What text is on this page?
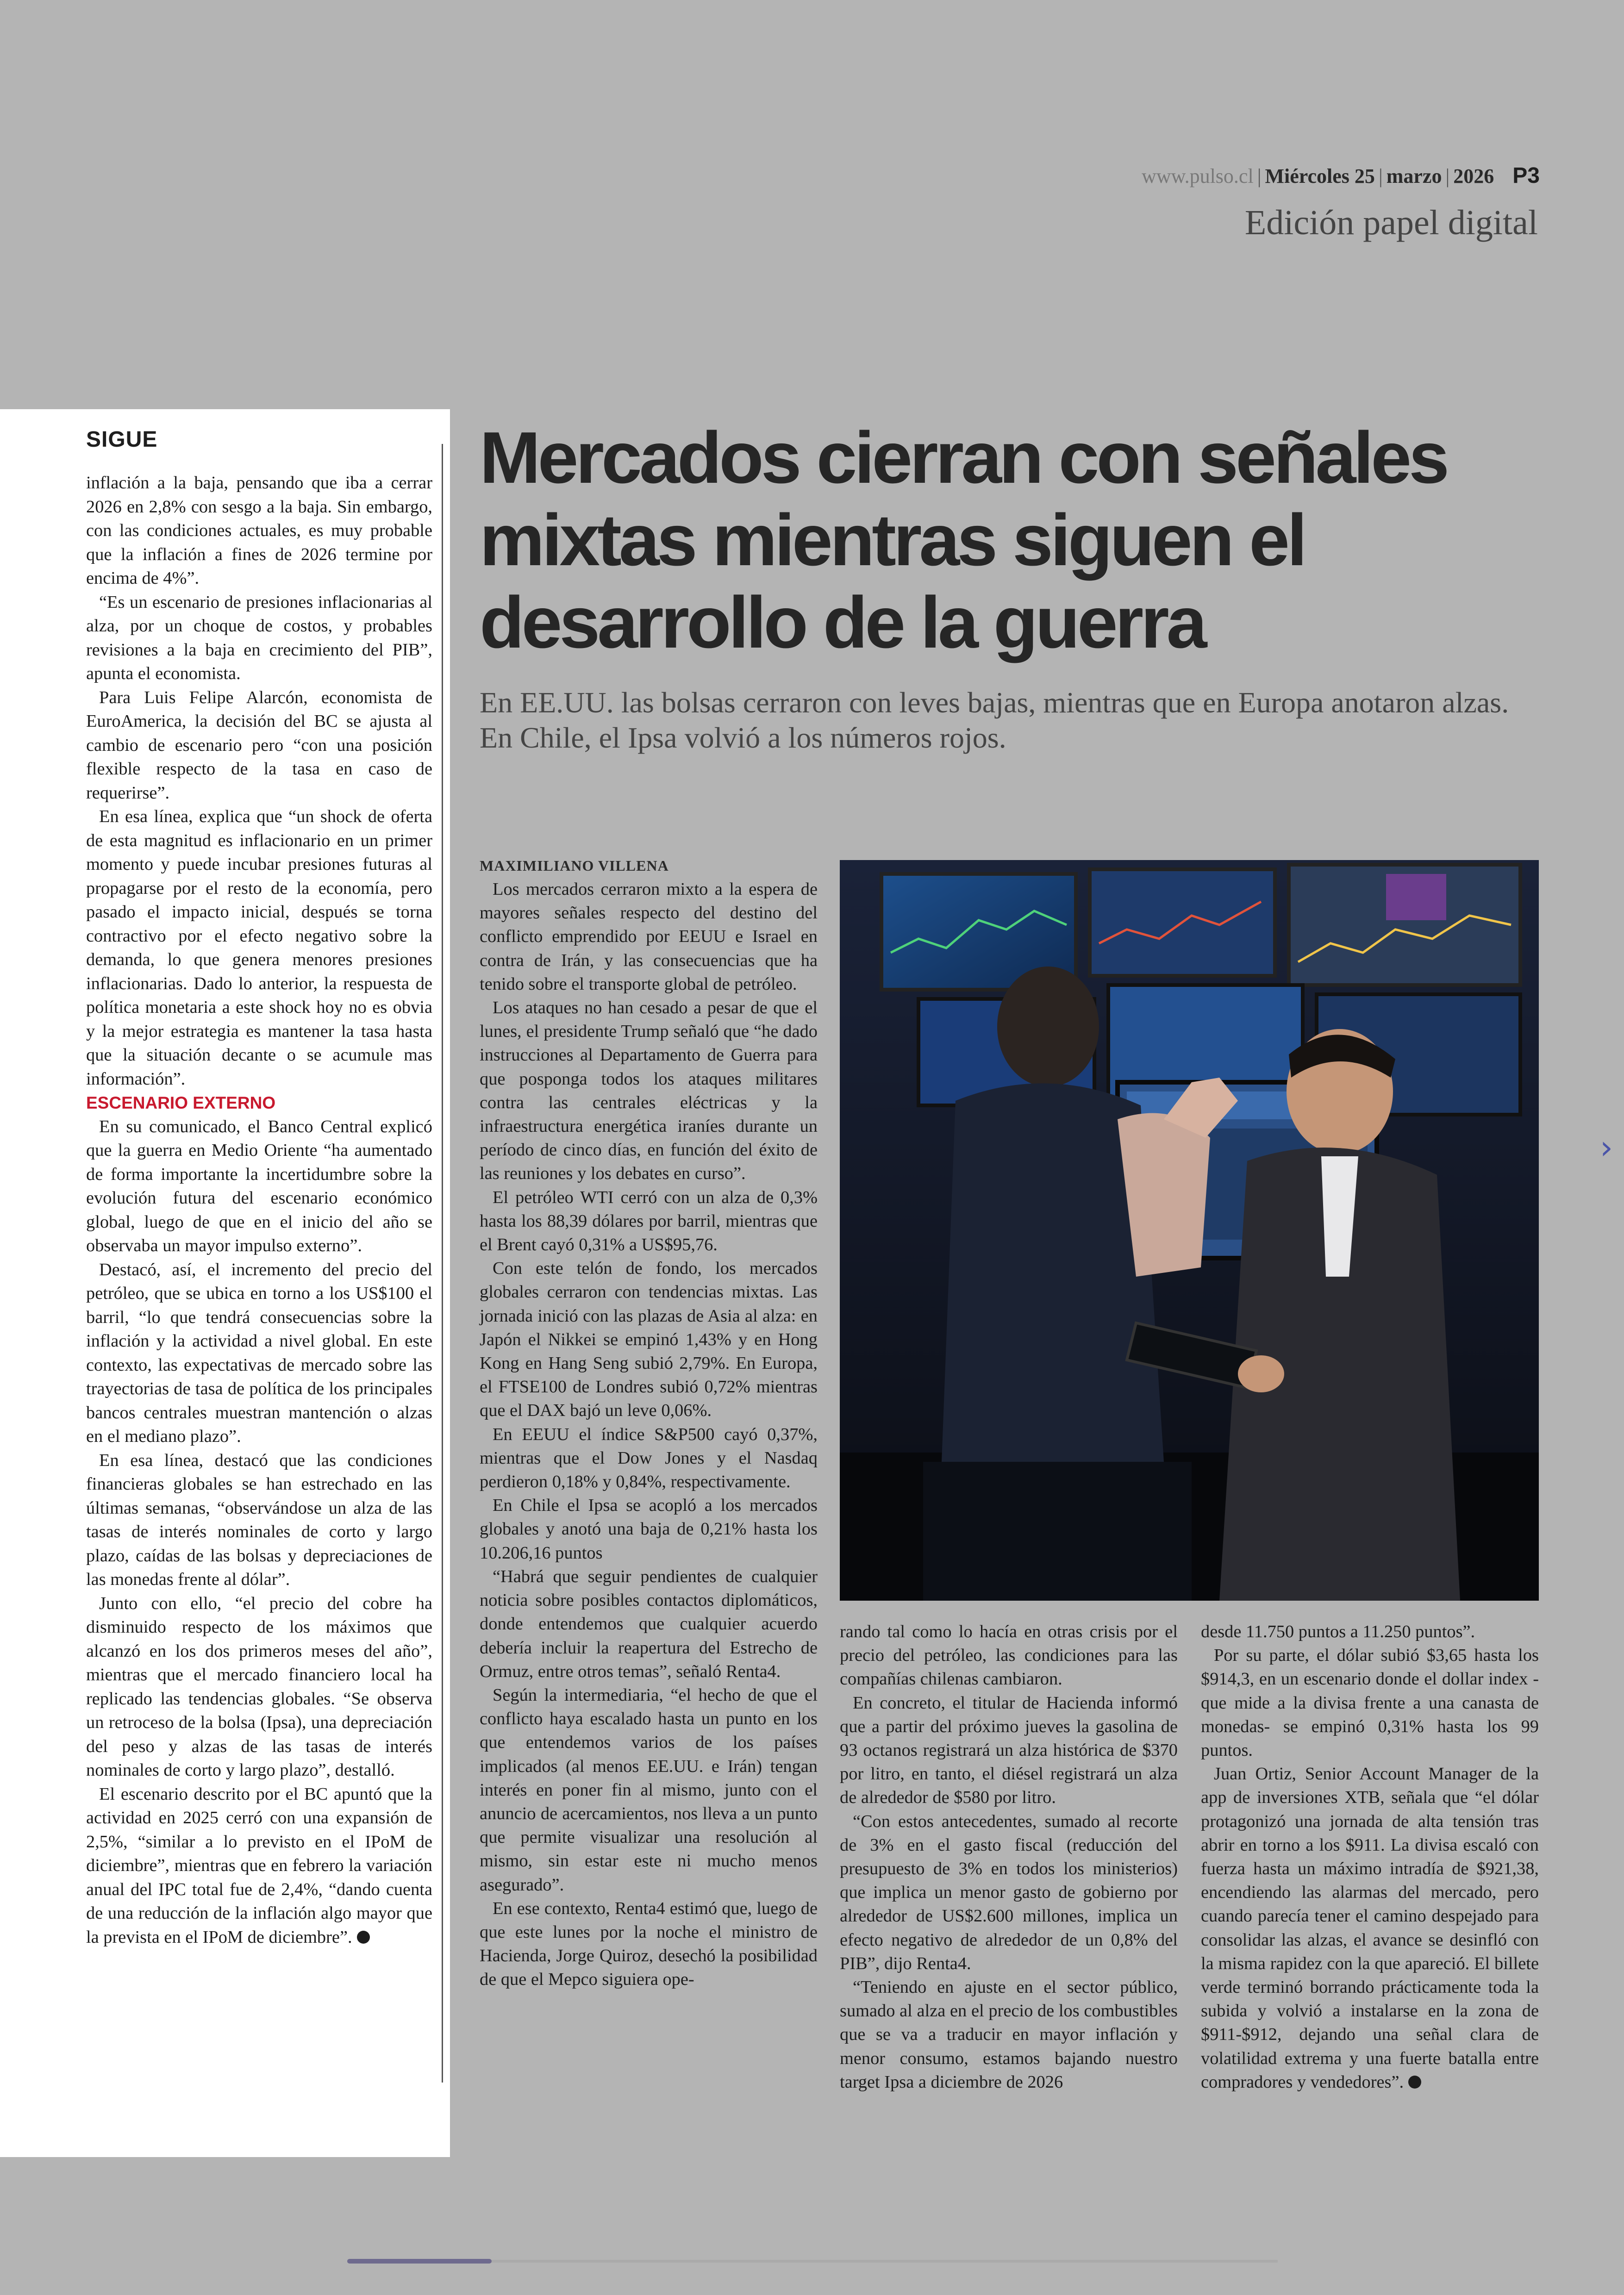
www.pulso.cl | Miércoles 25 | marzo | 2026 P3
Edición papel digital
›
SIGUE

inflación a la baja, pensando que iba a cerrar 2026 en 2,8% con sesgo a la baja. Sin embargo, con las condiciones actuales, es muy probable que la inflación a fines de 2026 termine por encima de 4%”.

“Es un escenario de presiones inflacionarias al alza, por un choque de costos, y probables revisiones a la baja en crecimiento del PIB”, apunta el economista.

Para Luis Felipe Alarcón, economista de EuroAmerica, la decisión del BC se ajusta al cambio de escenario pero “con una posición flexible respecto de la tasa en caso de requerirse”.

En esa línea, explica que “un shock de oferta de esta magnitud es inflacionario en un primer momento y puede incubar presiones futuras al propagarse por el resto de la economía, pero pasado el impacto inicial, después se torna contractivo por el efecto negativo sobre la demanda, lo que genera menores presiones inflacionarias. Dado lo anterior, la respuesta de política monetaria a este shock hoy no es obvia y la mejor estrategia es mantener la tasa hasta que la situación decante o se acumule mas información”.

ESCENARIO EXTERNO

En su comunicado, el Banco Central explicó que la guerra en Medio Oriente “ha aumentado de forma importante la incertidumbre sobre la evolución futura del escenario económico global, luego de que en el inicio del año se observaba un mayor impulso externo”.

Destacó, así, el incremento del precio del petróleo, que se ubica en torno a los US$100 el barril, “lo que tendrá consecuencias sobre la inflación y la actividad a nivel global. En este contexto, las expectativas de mercado sobre las trayectorias de tasa de política de los principales bancos centrales muestran mantención o alzas en el mediano plazo”.

En esa línea, destacó que las condiciones financieras globales se han estrechado en las últimas semanas, “observándose un alza de las tasas de interés nominales de corto y largo plazo, caídas de las bolsas y depreciaciones de las monedas frente al dólar”.

Junto con ello, “el precio del cobre ha disminuido respecto de los máximos que alcanzó en los dos primeros meses del año”, mientras que el mercado financiero local ha replicado las tendencias globales. “Se observa un retroceso de la bolsa (Ipsa), una depreciación del peso y alzas de las tasas de interés nominales de corto y largo plazo”, destalló.

El escenario descrito por el BC apuntó que la actividad en 2025 cerró con una expansión de 2,5%, “similar a lo previsto en el IPoM de diciembre”, mientras que en febrero la variación anual del IPC total fue de 2,4%, “dando cuenta de una reducción de la inflación algo mayor que la prevista en el IPoM de diciembre”.

Mercados cierran con señales mixtas mientras siguen el desarrollo de la guerra
En EE.UU. las bolsas cerraron con leves bajas, mientras que en Europa anotaron alzas. En Chile, el Ipsa volvió a los números rojos.
MAXIMILIANO VILLENA

Los mercados cerraron mixto a la espera de mayores señales respecto del destino del conflicto emprendido por EEUU e Israel en contra de Irán, y las consecuencias que ha tenido sobre el transporte global de petróleo.

Los ataques no han cesado a pesar de que el lunes, el presidente Trump señaló que “he dado instrucciones al Departamento de Guerra para que posponga todos los ataques militares contra las centrales eléctricas y la infraestructura energética iraníes durante un período de cinco días, en función del éxito de las reuniones y los debates en curso”.

El petróleo WTI cerró con un alza de 0,3% hasta los 88,39 dólares por barril, mientras que el Brent cayó 0,31% a US$95,76.

Con este telón de fondo, los mercados globales cerraron con tendencias mixtas. Las jornada inició con las plazas de Asia al alza: en Japón el Nikkei se empinó 1,43% y en Hong Kong en Hang Seng subió 2,79%. En Europa, el FTSE100 de Londres subió 0,72% mientras que el DAX bajó un leve 0,06%.

En EEUU el índice S&P500 cayó 0,37%, mientras que el Dow Jones y el Nasdaq perdieron 0,18% y 0,84%, respectivamente.

En Chile el Ipsa se acopló a los mercados globales y anotó una baja de 0,21% hasta los 10.206,16 puntos

“Habrá que seguir pendientes de cualquier noticia sobre posibles contactos diplomáticos, donde entendemos que cualquier acuerdo debería incluir la reapertura del Estrecho de Ormuz, entre otros temas”, señaló Renta4.

Según la intermediaria, “el hecho de que el conflicto haya escalado hasta un punto en los que entendemos varios de los países implicados (al menos EE.UU. e Irán) tengan interés en poner fin al mismo, junto con el anuncio de acercamientos, nos lleva a un punto que permite visualizar una resolución al mismo, sin estar este ni mucho menos asegurado”.

En ese contexto, Renta4 estimó que, luego de que este lunes por la noche el ministro de Hacienda, Jorge Quiroz, desechó la posibilidad de que el Mepco siguiera ope-

rando tal como lo hacía en otras crisis por el precio del petróleo, las condiciones para las compañías chilenas cambiaron.

En concreto, el titular de Hacienda informó que a partir del próximo jueves la gasolina de 93 octanos registrará un alza histórica de $370 por litro, en tanto, el diésel registrará un alza de alrededor de $580 por litro.

“Con estos antecedentes, sumado al recorte de 3% en el gasto fiscal (reducción del presupuesto de 3% en todos los ministerios) que implica un menor gasto de gobierno por alrededor de US$2.600 millones, implica un efecto negativo de alrededor de un 0,8% del PIB”, dijo Renta4.

“Teniendo en ajuste en el sector público, sumado al alza en el precio de los combustibles que se va a traducir en mayor inflación y menor consumo, estamos bajando nuestro target Ipsa a diciembre de 2026

desde 11.750 puntos a 11.250 puntos”.

Por su parte, el dólar subió $3,65 hasta los $914,3, en un escenario donde el dollar index - que mide a la divisa frente a una canasta de monedas- se empinó 0,31% hasta los 99 puntos.

Juan Ortiz, Senior Account Manager de la app de inversiones XTB, señala que “el dólar protagonizó una jornada de alta tensión tras abrir en torno a los $911. La divisa escaló con fuerza hasta un máximo intradía de $921,38, encendiendo las alarmas del mercado, pero cuando parecía tener el camino despejado para consolidar las alzas, el avance se desinfló con la misma rapidez con la que apareció. El billete verde terminó borrando prácticamente toda la subida y volvió a instalarse en la zona de $911-$912, dejando una señal clara de volatilidad extrema y una fuerte batalla entre compradores y vendedores”.
